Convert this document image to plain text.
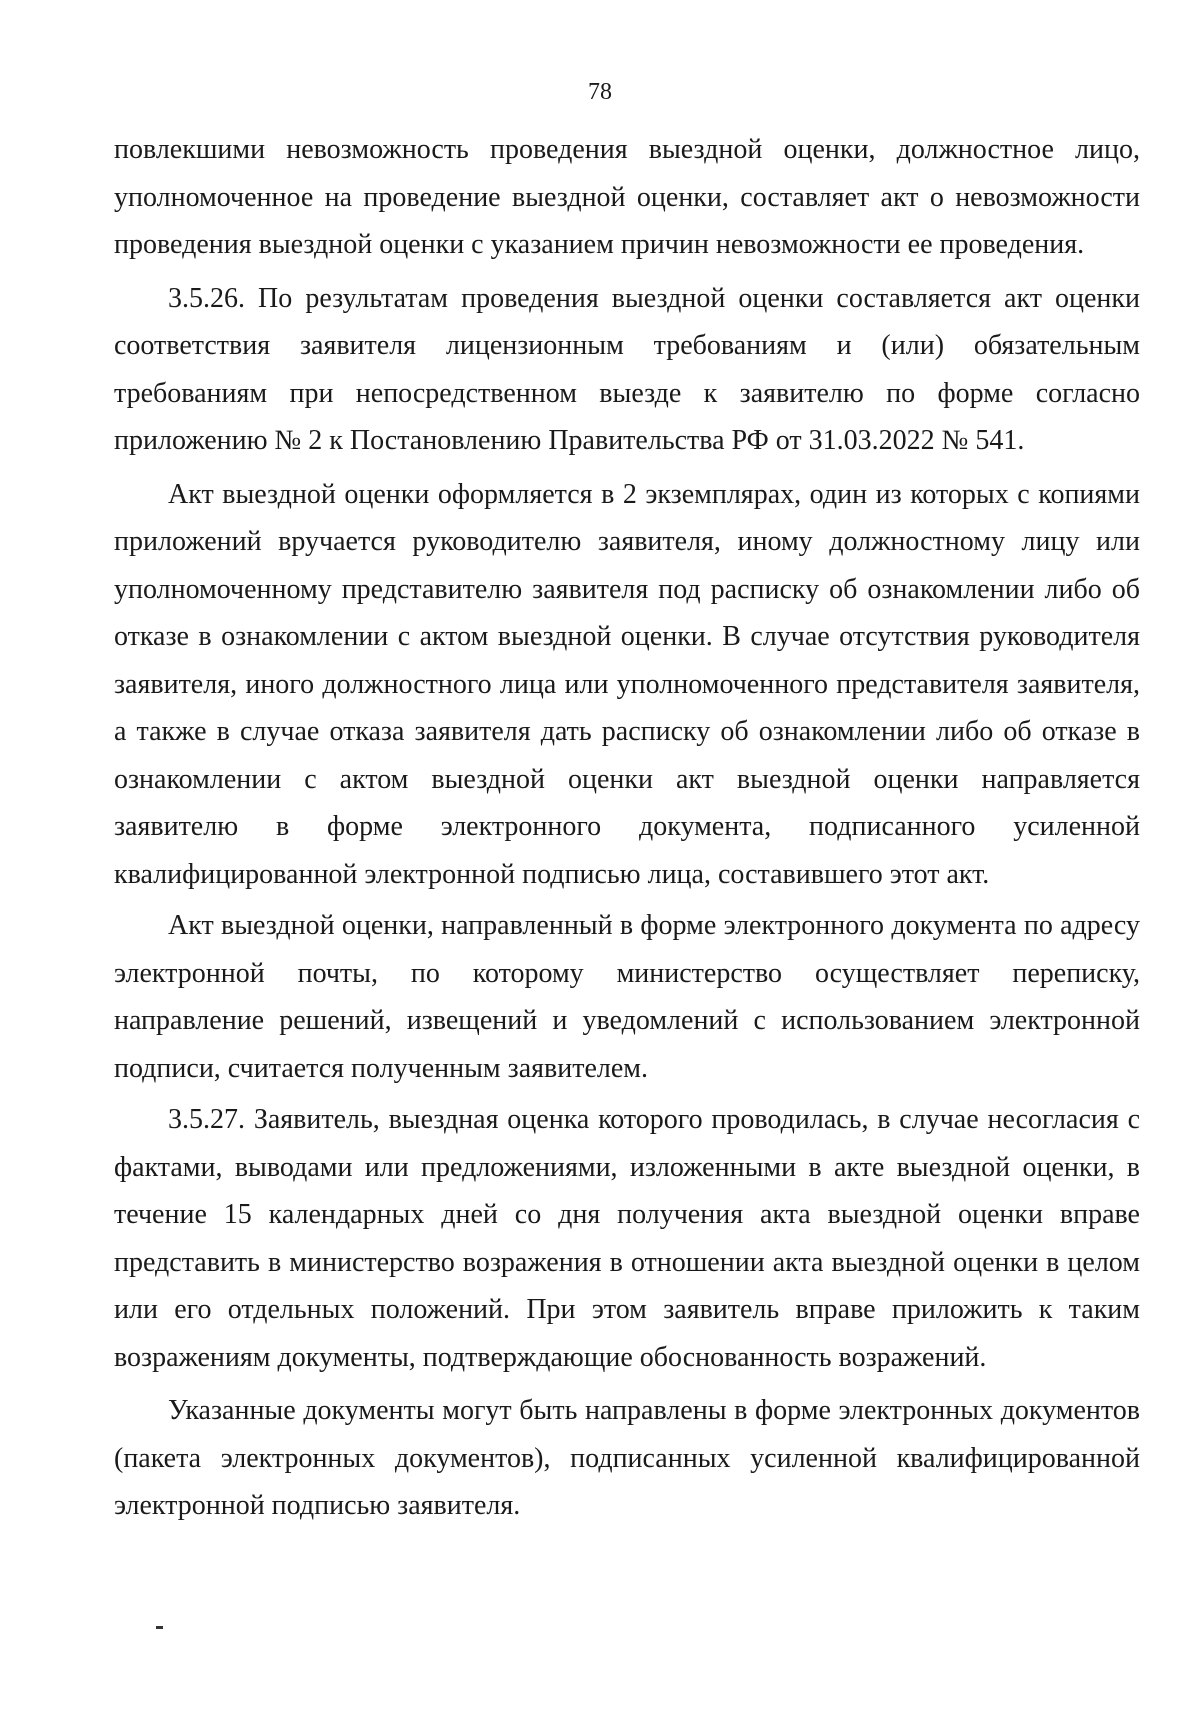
78

повлекшими невозможность проведения выездной оценки, должностное лицо, уполномоченное на проведение выездной оценки, составляет акт о невозможности проведения выездной оценки с указанием причин невозможности ее проведения.

3.5.26. По результатам проведения выездной оценки составляется акт оценки соответствия заявителя лицензионным требованиям и (или) обязательным требованиям при непосредственном выезде к заявителю по форме согласно приложению № 2 к Постановлению Правительства РФ от 31.03.2022 № 541.

Акт выездной оценки оформляется в 2 экземплярах, один из которых с копиями приложений вручается руководителю заявителя, иному должностному лицу или уполномоченному представителю заявителя под расписку об ознакомлении либо об отказе в ознакомлении с актом выездной оценки. В случае отсутствия руководителя заявителя, иного должностного лица или уполномоченного представителя заявителя, а также в случае отказа заявителя дать расписку об ознакомлении либо об отказе в ознакомлении с актом выездной оценки акт выездной оценки направляется заявителю в форме электронного документа, подписанного усиленной квалифицированной электронной подписью лица, составившего этот акт.

Акт выездной оценки, направленный в форме электронного документа по адресу электронной почты, по которому министерство осуществляет переписку, направление решений, извещений и уведомлений с использованием электронной подписи, считается полученным заявителем.

3.5.27. Заявитель, выездная оценка которого проводилась, в случае несогласия с фактами, выводами или предложениями, изложенными в акте выездной оценки, в течение 15 календарных дней со дня получения акта выездной оценки вправе представить в министерство возражения в отношении акта выездной оценки в целом или его отдельных положений. При этом заявитель вправе приложить к таким возражениям документы, подтверждающие обоснованность возражений.

Указанные документы могут быть направлены в форме электронных документов (пакета электронных документов), подписанных усиленной квалифицированной электронной подписью заявителя.
